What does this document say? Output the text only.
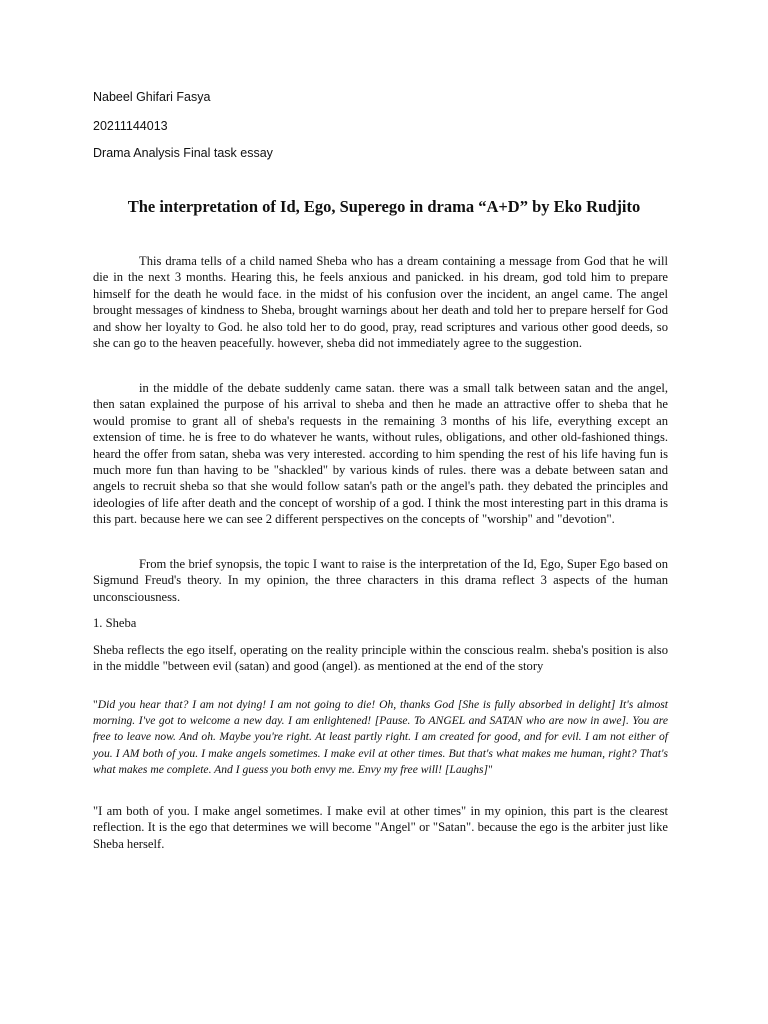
Nabeel Ghifari Fasya
20211144013
Drama Analysis Final task essay
The interpretation of Id, Ego, Superego in drama “A+D” by Eko Rudjito

This drama tells of a child named Sheba who has a dream containing a message from God that he will die in the next 3 months. Hearing this, he feels anxious and panicked. in his dream, god told him to prepare himself for the death he would face. in the midst of his confusion over the incident, an angel came. The angel brought messages of kindness to Sheba, brought warnings about her death and told her to prepare herself for God and show her loyalty to God. he also told her to do good, pray, read scriptures and various other good deeds, so she can go to the heaven peacefully. however, sheba did not immediately agree to the suggestion.

in the middle of the debate suddenly came satan. there was a small talk between satan and the angel, then satan explained the purpose of his arrival to sheba and then he made an attractive offer to sheba that he would promise to grant all of sheba's requests in the remaining 3 months of his life, everything except an extension of time. he is free to do whatever he wants, without rules, obligations, and other old-fashioned things. heard the offer from satan, sheba was very interested. according to him spending the rest of his life having fun is much more fun than having to be "shackled" by various kinds of rules. there was a debate between satan and angels to recruit sheba so that she would follow satan's path or the angel's path. they debated the principles and ideologies of life after death and the concept of worship of a god. I think the most interesting part in this drama is this part. because here we can see 2 different perspectives on the concepts of "worship" and "devotion".

From the brief synopsis, the topic I want to raise is the interpretation of the Id, Ego, Super Ego based on Sigmund Freud's theory. In my opinion, the three characters in this drama reflect 3 aspects of the human unconsciousness.

1. Sheba

Sheba reflects the ego itself, operating on the reality principle within the conscious realm. sheba's position is also in the middle "between evil (satan) and good (angel). as mentioned at the end of the story

"Did you hear that? I am not dying! I am not going to die! Oh, thanks God [She is fully absorbed in delight] It's almost morning. I've got to welcome a new day. I am enlightened! [Pause. To ANGEL and SATAN who are now in awe]. You are free to leave now. And oh. Maybe you're right. At least partly right. I am created for good, and for evil. I am not either of you. I AM both of you. I make angels sometimes. I make evil at other times. But that's what makes me human, right? That's what makes me complete. And I guess you both envy me. Envy my free will! [Laughs]"

"I am both of you. I make angel sometimes. I make evil at other times" in my opinion, this part is the clearest reflection. It is the ego that determines we will become "Angel" or "Satan". because the ego is the arbiter just like Sheba herself.
